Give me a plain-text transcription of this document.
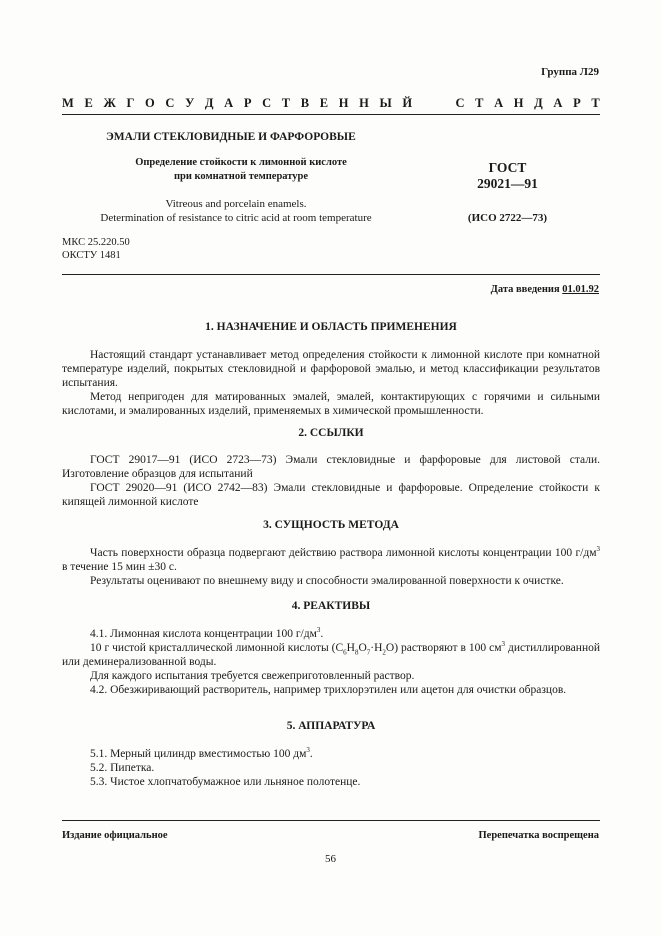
Группа Л29
М Е Ж Г О С У Д А Р С Т В Е Н Н Ы Й	С Т А Н Д А Р Т
ЭМАЛИ СТЕКЛОВИДНЫЕ И ФАРФОРОВЫЕ
Определение стойкости к лимонной кислоте
при комнатной температуре
ГОСТ
29021—91
Vitreous and porcelain enamels.
Determination of resistance to citric acid at room temperature	(ИСО 2722—73)
МКС 25.220.50
ОКСТУ 1481
Дата введения 01.01.92
1. НАЗНАЧЕНИЕ И ОБЛАСТЬ ПРИМЕНЕНИЯ

Настоящий стандарт устанавливает метод определения стойкости к лимонной кислоте при комнатной температуре изделий, покрытых стекловидной и фарфоровой эмалью, и метод классификации результатов испытания.

Метод непригоден для матированных эмалей, эмалей, контактирующих с горячими и сильными кислотами, и эмалированных изделий, применяемых в химической промышленности.

2. ССЫЛКИ

ГОСТ 29017—91 (ИСО 2723—73) Эмали стекловидные и фарфоровые для листовой стали. Изготовление образцов для испытаний

ГОСТ 29020—91 (ИСО 2742—83) Эмали стекловидные и фарфоровые. Определение стойкости к кипящей лимонной кислоте

3. СУЩНОСТЬ МЕТОДА

Часть поверхности образца подвергают действию раствора лимонной кислоты концентрации 100 $г/дм^3$ в течение 15 мин ±30 с.

Результаты оценивают по внешнему виду и способности эмалированной поверхности к очистке.

4. РЕАКТИВЫ

4.1. Лимонная кислота концентрации 100 $г/дм^3$.

10 г чистой кристаллической лимонной кислоты $(C_6H_8O_7\cdot H_2O)$ растворяют в 100 $см^3$ дистиллированной или деминерализованной воды.

Для каждого испытания требуется свежеприготовленный раствор.

4.2. Обезжиривающий растворитель, например трихлорэтилен или ацетон для очистки образцов.

5. АППАРАТУРА

5.1. Мерный цилиндр вместимостью 100 $дм^3$.

5.2. Пипетка.

5.3. Чистое хлопчатобумажное или льняное полотенце.

Издание официальное	Перепечатка воспрещена
56
